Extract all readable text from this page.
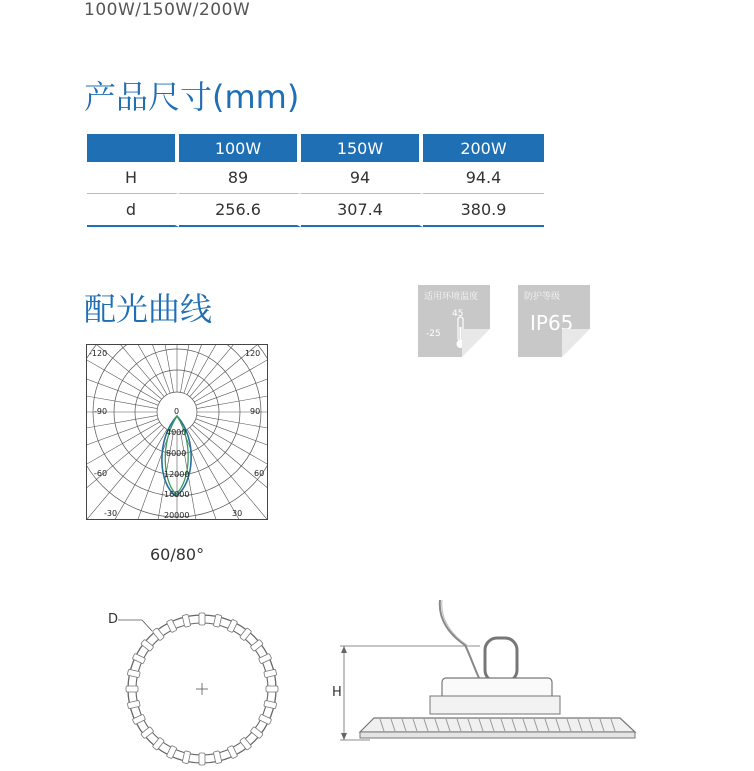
100W/150W/200W
产品尺寸(mm)
	100W	150W	200W
H	89	94	94.4
d	256.6	307.4	380.9
配光曲线	适用环境温度
45
-25
防护等级
IP65
-120	120
-90	90
-60	60
-30	30
0
4000
8000
12000
16000
20000
60/80°
D
H
